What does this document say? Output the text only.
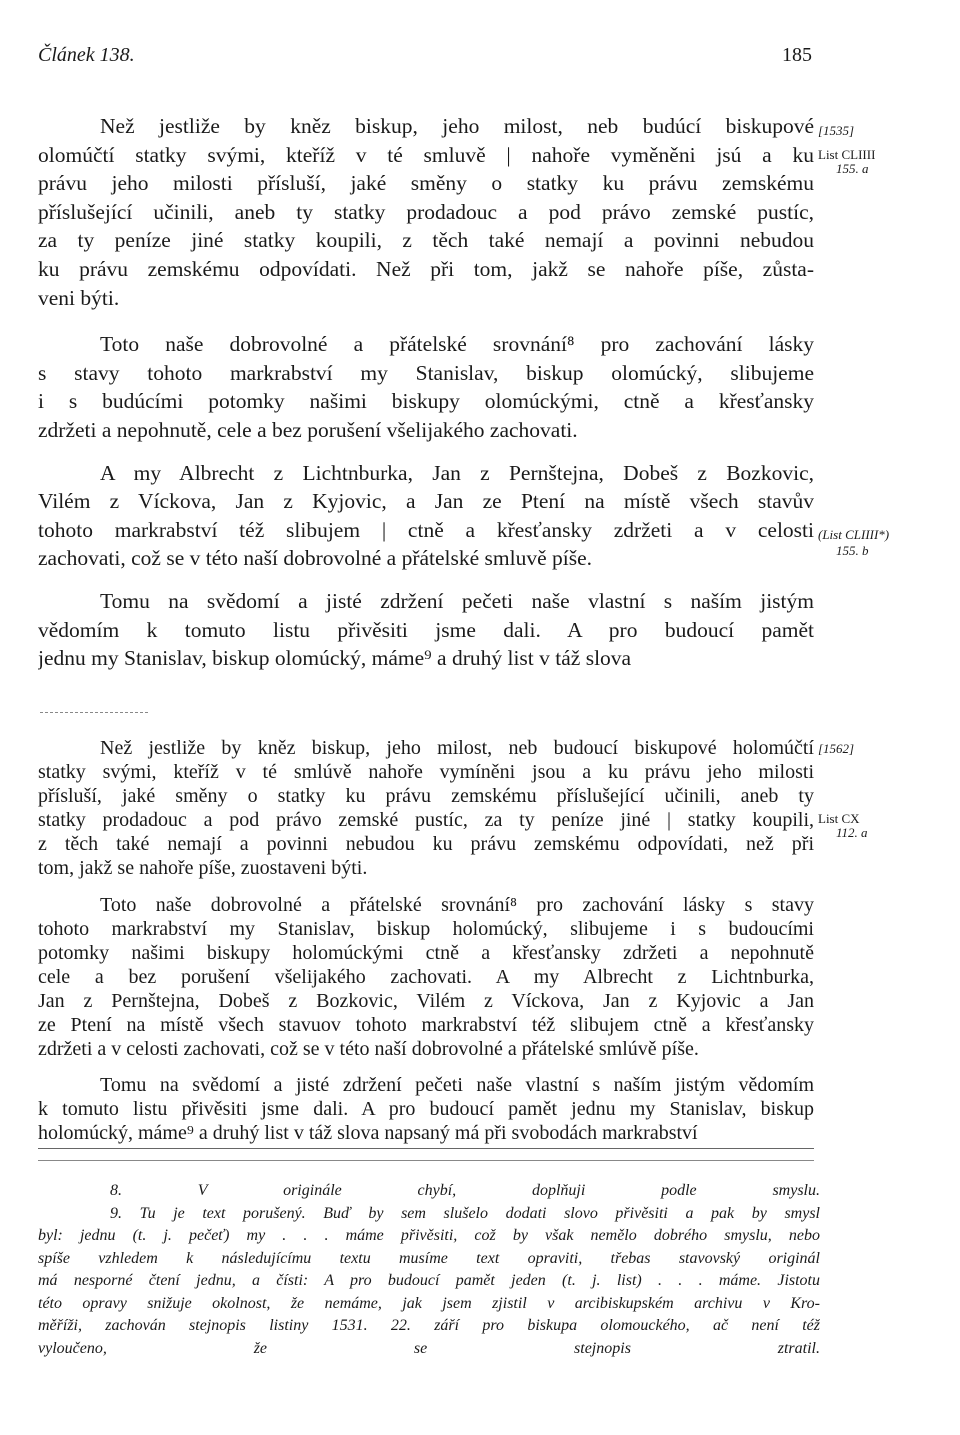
Článek 138.	185
Než jestliže by kněz biskup, jeho milost, neb budúcí biskupové
olomúčtí statky svými, kteříž v té smluvě | nahoře vyměněni jsú a ku
právu jeho milosti přísluší, jaké směny o statky ku právu zemskému
příslušející učinili, aneb ty statky prodadouc a pod právo zemské pustíc,
za ty peníze jiné statky koupili, z těch také nemají a povinni nebudou
ku právu zemskému odpovídati. Než při tom, jakž se nahoře píše, zůsta-
veni býti.
Toto naše dobrovolné a přátelské srovnání⁸ pro zachování lásky
s stavy tohoto markrabství my Stanislav, biskup olomúcký, slibujeme
i s budúcími potomky našimi biskupy olomúckými, ctně a křesťansky
zdržeti a nepohnutě, cele a bez porušení všelijakého zachovati.
A my Albrecht z Lichtnburka, Jan z Pernštejna, Dobeš z Bozkovic,
Vilém z Víckova, Jan z Kyjovic, a Jan ze Ptení na místě všech stavův
tohoto markrabství též slibujem | ctně a křesťansky zdržeti a v celosti
zachovati, což se v této naší dobrovolné a přátelské smluvě píše.
Tomu na svědomí a jisté zdržení pečeti naše vlastní s naším jistým
vědomím k tomuto listu přivěsiti jsme dali. A pro budoucí pamět
jednu my Stanislav, biskup olomúcký, máme⁹ a druhý list v táž slova
Než jestliže by kněz biskup, jeho milost, neb budoucí biskupové holomúčtí
statky svými, kteříž v té smlúvě nahoře vymíněni jsou a ku právu jeho milosti
přísluší, jaké směny o statky ku právu zemskému příslušející učinili, aneb ty
statky prodadouc a pod právo zemské pustíc, za ty peníze jiné | statky koupili,
z těch také nemají a povinni nebudou ku právu zemskému odpovídati, než při
tom, jakž se nahoře píše, zuostaveni býti.
Toto naše dobrovolné a přátelské srovnání⁸ pro zachování lásky s stavy
tohoto markrabství my Stanislav, biskup holomúcký, slibujeme i s budoucími
potomky našimi biskupy holomúckými ctně a křesťansky zdržeti a nepohnutě
cele a bez porušení všelijakého zachovati. A my Albrecht z Lichtnburka,
Jan z Pernštejna, Dobeš z Bozkovic, Vilém z Víckova, Jan z Kyjovic a Jan
ze Ptení na místě všech stavuov tohoto markrabství též slibujem ctně a křesťansky
zdržeti a v celosti zachovati, což se v této naší dobrovolné a přátelské smlúvě píše.
Tomu na svědomí a jisté zdržení pečeti naše vlastní s naším jistým vědomím
k tomuto listu přivěsiti jsme dali. A pro budoucí pamět jednu my Stanislav, biskup
holomúcký, máme⁹ a druhý list v táž slova napsaný má při svobodách markrabství
[1535]
List CLIIII
155. a
(List CLIIII*)
155. b
[1562]
List CX
112. a
8. V originále chybí, doplňuji podle smyslu.
9. Tu je text porušený. Buď by sem slušelo dodati slovo přivěsiti a pak by smysl
byl: jednu (t. j. pečeť) my . . . máme přivěsiti, což by však nemělo dobrého smyslu, nebo
spíše vzhledem k následujícímu textu musíme text opraviti, třebas stavovský originál
má nesporné čtení jednu, a čísti: A pro budoucí pamět jeden (t. j. list) . . . máme. Jistotu
této opravy snižuje okolnost, že nemáme, jak jsem zjistil v arcibiskupském archivu v Kro-
měříži, zachován stejnopis listiny 1531. 22. září pro biskupa olomouckého, ač není též
vyloučeno, že se stejnopis ztratil.
